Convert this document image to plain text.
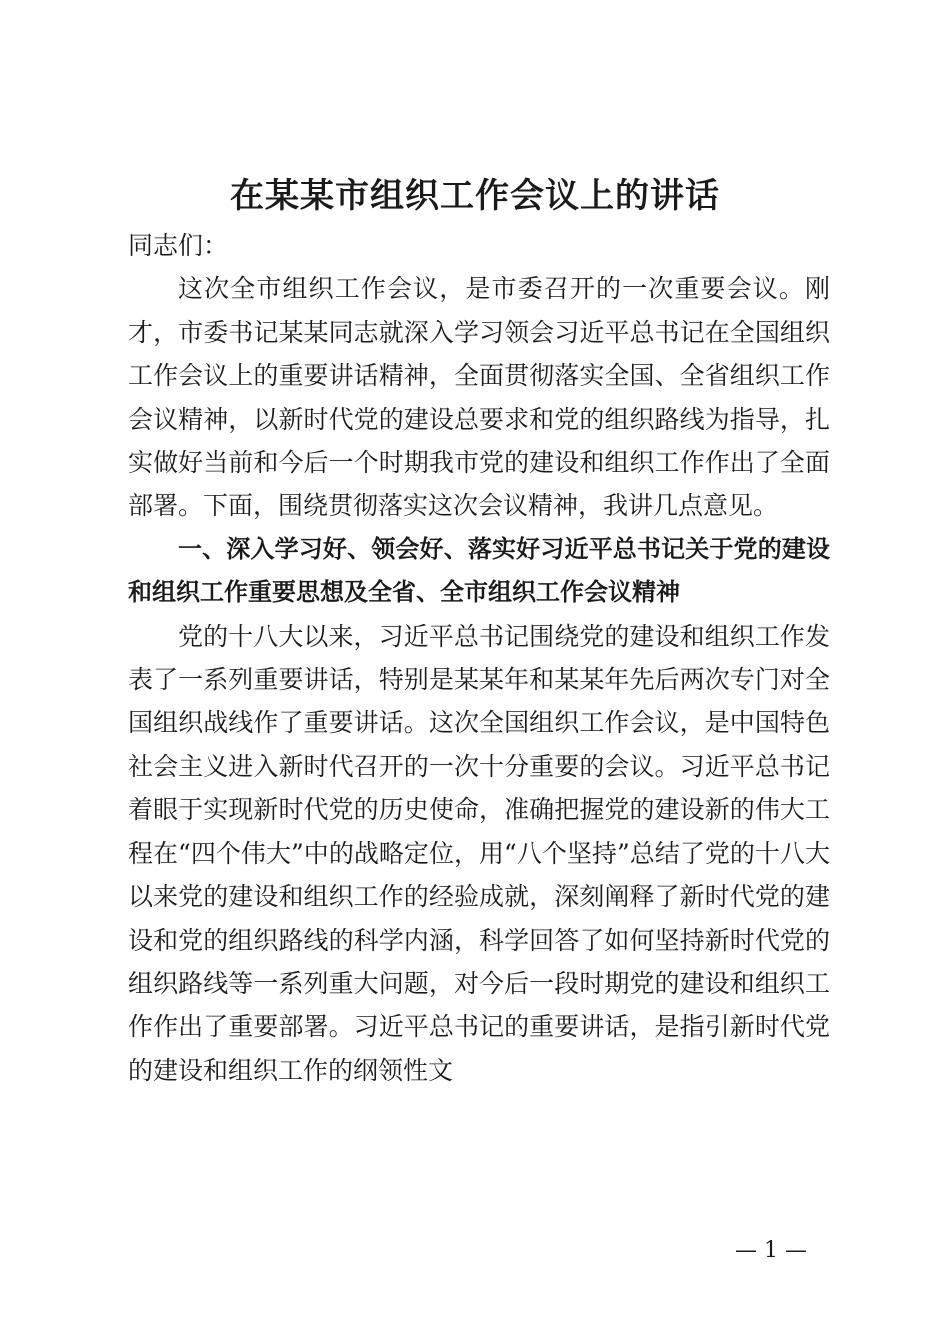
在某某市组织工作会议上的讲话

同志们：

这次全市组织工作会议，是市委召开的一次重要会议。刚才，市委书记某某同志就深入学习领会习近平总书记在全国组织工作会议上的重要讲话精神，全面贯彻落实全国、全省组织工作会议精神，以新时代党的建设总要求和党的组织路线为指导，扎实做好当前和今后一个时期我市党的建设和组织工作作出了全面部署。下面，围绕贯彻落实这次会议精神，我讲几点意见。

一、深入学习好、领会好、落实好习近平总书记关于党的建设和组织工作重要思想及全省、全市组织工作会议精神

党的十八大以来，习近平总书记围绕党的建设和组织工作发表了一系列重要讲话，特别是某某年和某某年先后两次专门对全国组织战线作了重要讲话。这次全国组织工作会议，是中国特色社会主义进入新时代召开的一次十分重要的会议。习近平总书记着眼于实现新时代党的历史使命，准确把握党的建设新的伟大工程在“四个伟大”中的战略定位，用“八个坚持”总结了党的十八大以来党的建设和组织工作的经验成就，深刻阐释了新时代党的建设和党的组织路线的科学内涵，科学回答了如何坚持新时代党的组织路线等一系列重大问题，对今后一段时期党的建设和组织工作作出了重要部署。习近平总书记的重要讲话，是指引新时代党的建设和组织工作的纲领性文

— 1 —
